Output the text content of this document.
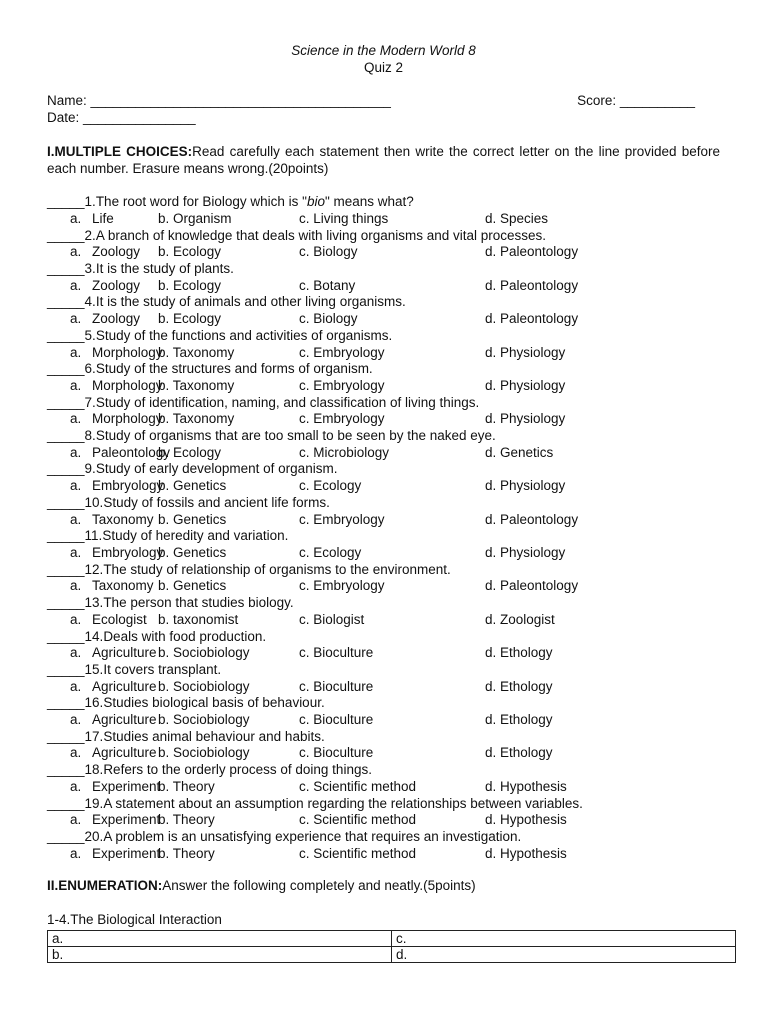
Science in the Modern World 8

Quiz 2

Name: ________________________________________	Score: __________
Date: _______________
I.MULTIPLE CHOICES:Read carefully each statement then write the correct letter on the line provided before each number. Erasure means wrong.(20points)
_____1.The root word for Biology which is "bio" means what?
a. Life	b. Organism	c. Living things	d. Species
_____2.A branch of knowledge that deals with living organisms and vital processes.
a. Zoology	b. Ecology	c. Biology	d. Paleontology
_____3.It is the study of plants.
a. Zoology	b. Ecology	c. Botany	d. Paleontology
_____4.It is the study of animals and other living organisms.
a. Zoology	b. Ecology	c. Biology	d. Paleontology
_____5.Study of the functions and activities of organisms.
a. Morphology
b. Taxonomy	c. Embryology	d. Physiology
_____6.Study of the structures and forms of organism.
a. Morphology
b. Taxonomy	c. Embryology	d. Physiology
_____7.Study of identification, naming, and classification of living things.
a. Morphology
b. Taxonomy	c. Embryology	d. Physiology
_____8.Study of organisms that are too small to be seen by the naked eye.
a. Paleontology
b. Ecology	c. Microbiology	d. Genetics
_____9.Study of early development of organism.
a. Embryology
b. Genetics	c. Ecology	d. Physiology
_____10.Study of fossils and ancient life forms.
a. Taxonomy b. Genetics	c. Embryology	d. Paleontology
_____11.Study of heredity and variation.
a. Embryology
b. Genetics	c. Ecology	d. Physiology
_____12.The study of relationship of organisms to the environment.
a. Taxonomy b. Genetics	c. Embryology	d. Paleontology
_____13.The person that studies biology.
a. Ecologist b. taxonomist	c. Biologist	d. Zoologist
_____14.Deals with food production.
a. Agriculture b. Sociobiology	c. Bioculture	d. Ethology
_____15.It covers transplant.
a. Agriculture b. Sociobiology	c. Bioculture	d. Ethology
_____16.Studies biological basis of behaviour.
a. Agriculture b. Sociobiology	c. Bioculture	d. Ethology
_____17.Studies animal behaviour and habits.
a. Agriculture b. Sociobiology	c. Bioculture	d. Ethology
_____18.Refers to the orderly process of doing things.
a. Experiment
b. Theory	c. Scientific method	d. Hypothesis
_____19.A statement about an assumption regarding the relationships between variables.
a. Experiment
b. Theory	c. Scientific method	d. Hypothesis
_____20.A problem is an unsatisfying experience that requires an investigation.
a. Experiment
b. Theory	c. Scientific method	d. Hypothesis
II.ENUMERATION:Answer the following completely and neatly.(5points)
1-4.The Biological Interaction
a.	c.
b.	d.
